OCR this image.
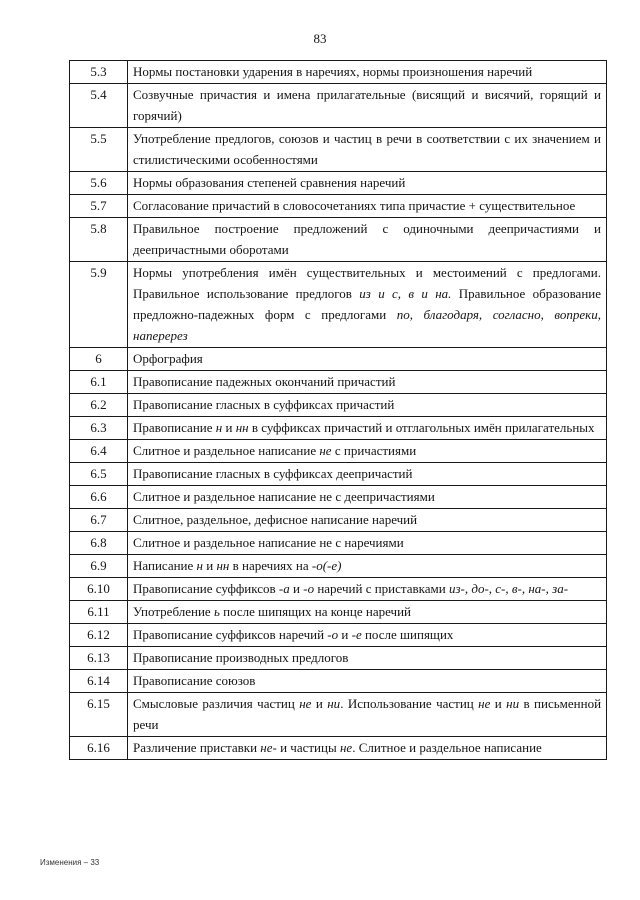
83
5.3	Нормы постановки ударения в наречиях, нормы произношения наречий
5.4	Созвучные причастия и имена прилагательные (висящий и висячий, горящий и горячий)
5.5	Употребление предлогов, союзов и частиц в речи в соответствии с их значением и стилистическими особенностями
5.6	Нормы образования степеней сравнения наречий
5.7	Согласование причастий в словосочетаниях типа причастие + существительное
5.8	Правильное построение предложений с одиночными деепричастиями и деепричастными оборотами
5.9	Нормы употребления имён существительных и местоимений с предлогами. Правильное использование предлогов из и с, в и на. Правильное образование предложно-падежных форм с предлогами по, благодаря, согласно, вопреки, наперерез
6	Орфография
6.1	Правописание падежных окончаний причастий
6.2	Правописание гласных в суффиксах причастий
6.3	Правописание н и нн в суффиксах причастий и отглагольных имён прилагательных
6.4	Слитное и раздельное написание не с причастиями
6.5	Правописание гласных в суффиксах деепричастий
6.6	Слитное и раздельное написание не с деепричастиями
6.7	Слитное, раздельное, дефисное написание наречий
6.8	Слитное и раздельное написание не с наречиями
6.9	Написание н и нн в наречиях на -о(-е)
6.10	Правописание суффиксов -а и -о наречий с приставками из-, до-, с-, в-, на-, за-
6.11	Употребление ь после шипящих на конце наречий
6.12	Правописание суффиксов наречий -о и -е после шипящих
6.13	Правописание производных предлогов
6.14	Правописание союзов
6.15	Смысловые различия частиц не и ни. Использование частиц не и ни в письменной речи
6.16	Различение приставки не- и частицы не. Слитное и раздельное написание
Изменения – 33
